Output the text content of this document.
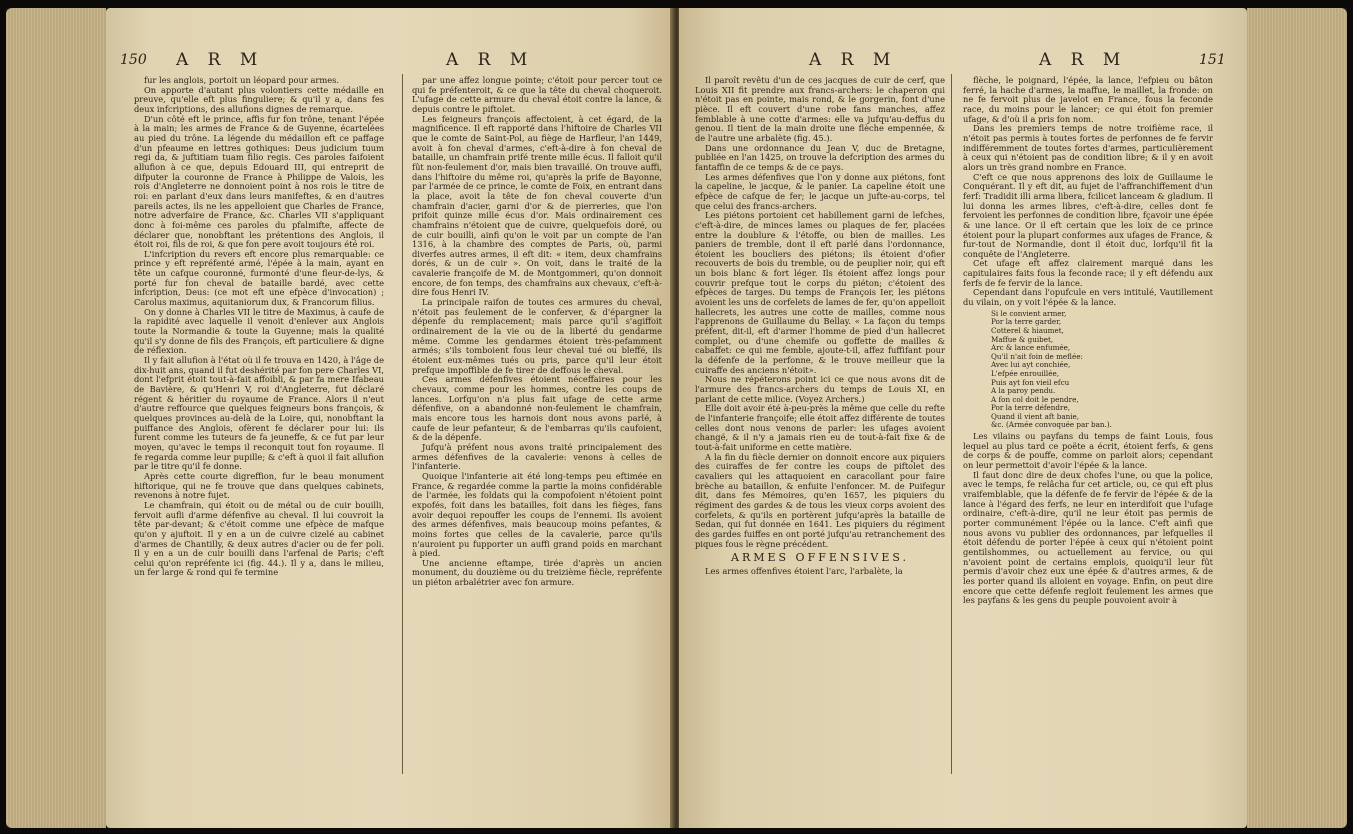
150 A R M	A R M

fur les anglois, portoit un léopard pour armes.

On apporte d'autant plus volontiers cette médaille en preuve, qu'elle eft plus finguliere; & qu'il y a, dans fes deux infcriptions, des allufions dignes de remarque.

D'un côté eft le prince, affis fur fon trône, tenant l'épée à la main; les armes de France & de Guyenne, écartelées au pied du trône. La légende du médaillon eft ce paffage d'un pfeaume en lettres gothiques: Deus judicium tuum regi da, & juftitiam tuam filio regis. Ces paroles faifoient allufion à ce que, depuis Edouard III, qui entreprit de difputer la couronne de France à Philippe de Valois, les rois d'Angleterre ne donnoient point à nos rois le titre de roi: en parlant d'eux dans leurs manifeftes, & en d'autres pareils actes, ils ne les appelloient que Charles de France, notre adverfaire de France, &c. Charles VII s'appliquant donc à foi-même ces paroles du pfalmifte, affecte de déclarer que, nonobftant les prétentions des Anglois, il étoit roi, fils de roi, & que fon pere avoit toujours été roi.

L'infcription du revers eft encore plus remarquable: ce prince y eft repréfenté armé, l'épée à la main, ayant en tête un cafque couronné, furmonté d'une fleur-de-lys, & porté fur fon cheval de bataille bardé, avec cette infcription, Deus: (ce mot eft une efpèce d'invocation) ; Carolus maximus, aquitaniorum dux, & Francorum filius.

On y donne à Charles VII le titre de Maximus, à caufe de la rapidité avec laquelle il venoit d'enlever aux Anglois toute la Normandie & toute la Guyenne; mais la qualité qu'il s'y donne de fils des François, eft particuliere & digne de réflexion.

Il y fait allufion à l'état où il fe trouva en 1420, à l'âge de dix-huit ans, quand il fut deshérité par fon pere Charles VI, dont l'efprit étoit tout-à-fait affoibli, & par fa mere Ifabeau de Bavière, & qu'Henri V, roi d'Angleterre, fut déclaré régent & héritier du royaume de France. Alors il n'eut d'autre reffource que quelques feigneurs bons françois, & quelques provinces au-delà de la Loire, qui, nonobftant la puiffance des Anglois, ofèrent fe déclarer pour lui: ils furent comme les tuteurs de fa jeuneffe, & ce fut par leur moyen, qu'avec le temps il reconquit tout fon royaume. Il fe regarda comme leur pupille; & c'eft à quoi il fait allufion par le titre qu'il fe donne.

Après cette courte digreffion, fur le beau monument hiftorique, qui ne fe trouve que dans quelques cabinets, revenons à notre fujet.

Le chamfrain, qui étoit ou de métal ou de cuir bouilli, fervoit aufli d'arme défenfive au cheval. Il lui couvroit la tête par-devant; & c'étoit comme une efpèce de mafque qu'on y ajuftoit. Il y en a un de cuivre cizelé au cabinet d'armes de Chantilly, & deux autres d'acier ou de fer poli. Il y en a un de cuir bouilli dans l'arfenal de Paris; c'eft celui qu'on repréfente ici (fig. 44.). Il y a, dans le milieu, un fer large & rond qui fe termine

par une affez longue pointe; c'étoit pour percer tout ce qui fe préfenteroit, & ce que la tête du cheval choqueroit. L'ufage de cette armure du cheval étoit contre la lance, & depuis contre le piftolet.

Les feigneurs françois affectoient, à cet égard, de la magnificence. Il eft rapporté dans l'hiftoire de Charles VII que le comte de Saint-Pol, au fiège de Harfleur, l'an 1449, avoit à fon cheval d'armes, c'eft-à-dire à fon cheval de bataille, un chamfrain prifé trente mille écus. Il falloit qu'il fût non-feulement d'or, mais bien travaillé. On trouve auffi, dans l'hiftoire du même roi, qu'après la prife de Bayonne, par l'armée de ce prince, le comte de Foix, en entrant dans la place, avoit la tête de fon cheval couverte d'un chamfrain d'acier, garni d'or & de pierreries, que l'on prifoit quinze mille écus d'or. Mais ordinairement ces chamfrains n'étoient que de cuivre, quelquefois doré, ou de cuir bouilli, ainfi qu'on le voit par un compte de l'an 1316, à la chambre des comptes de Paris, où, parmi diverfes autres armes, il eft dit: « item, deux chamfrains dorés, & un de cuir ». On voit, dans le traité de la cavalerie françoife de M. de Montgommeri, qu'on donnoit encore, de fon temps, des chamfrains aux chevaux, c'eft-à-dire fous Henri IV.

La principale raifon de toutes ces armures du cheval, n'étoit pas feulement de le conferver, & d'épargner la dépenfe du remplacement; mais parce qu'il s'agiffoit ordinairement de la vie ou de la liberté du gendarme même. Comme les gendarmes étoient très-pefamment armés; s'ils tomboient fous leur cheval tué ou bleffé, ils étoient eux-mêmes tués ou pris, parce qu'il leur étoit prefque impoffible de fe tirer de deffous le cheval.

Ces armes défenfives étoient néceffaires pour les chevaux, comme pour les hommes, contre les coups de lances. Lorfqu'on n'a plus fait ufage de cette arme défenfive, on a abandonné non-feulement le chamfrain, mais encore tous les harnois dont nous avons parlé, à caufe de leur pefanteur, & de l'embarras qu'ils caufoient, & de la dépenfe.

Jufqu'à préfent nous avons traité principalement des armes défenfives de la cavalerie: venons à celles de l'infanterie.

Quoique l'infanterie ait été long-temps peu eftimée en France, & regardée comme la partie la moins confidérable de l'armée, les foldats qui la compofoient n'étoient point expofés, foit dans les batailles, foit dans les fièges, fans avoir dequoi repouffer les coups de l'ennemi. Ils avoient des armes défenfives, mais beaucoup moins pefantes, & moins fortes que celles de la cavalerie, parce qu'ils n'auroient pu fupporter un auffi grand poids en marchant à pied.

Une ancienne eftampe, tirée d'après un ancien monument, du douzième ou du treizième fiècle, repréfente un piéton arbalétrier avec fon armure.

A R M	A R M	151

Il paroît revêtu d'un de ces jacques de cuir de cerf, que Louis XII fit prendre aux francs-archers: le chaperon qui n'étoit pas en pointe, mais rond, & le gorgerin, font d'une pièce. Il eft couvert d'une robe fans manches, affez femblable à une cotte d'armes: elle va jufqu'au-deffus du genou. Il tient de la main droite une flèche empennée, & de l'autre une arbalète (fig. 45.).

Dans une ordonnance du Jean V, duc de Bretagne, publiée en l'an 1425, on trouve la defcription des armes du fantaffin de ce temps & de ce pays.

Les armes défenfives que l'on y donne aux piétons, font la capeline, le jacque, & le panier. La capeline étoit une efpèce de cafque de fer; le jacque un jufte-au-corps, tel que celui des francs-archers.

Les piétons portoient cet habillement garni de lefches, c'eft-à-dire, de minces lames ou plaques de fer, placées entre la doublure & l'étoffe, ou bien de mailles. Les paniers de tremble, dont il eft parlé dans l'ordonnance, étoient les boucliers des piétons; ils étoient d'ofier recouverts de bois du tremble, ou de peuplier noir, qui eft un bois blanc & fort léger. Ils étoient affez longs pour couvrir prefque tout le corps du piéton; c'étoient des efpèces de targes. Du temps de François Ier, les piétons avoient les uns de corfelets de lames de fer, qu'on appelloit hallecrets, les autres une cotte de mailles, comme nous l'apprenons de Guillaume du Bellay. « La façon du temps préfent, dit-il, eft d'armer l'homme de pied d'un hallecret complet, ou d'une chemife ou goffette de mailles & cabaffet: ce qui me femble, ajoute-t-il, affez fuffifant pour la défenfe de la perfonne, & le trouve meilleur que la cuiraffe des anciens n'étoit».

Nous ne répéterons point ici ce que nous avons dit de l'armure des francs-archers du temps de Louis XI, en parlant de cette milice. (Voyez Archers.)

Elle doit avoir été à-peu-près la même que celle du refte de l'infanterie françoife; elle étoit affez différente de toutes celles dont nous venons de parler: les ufages avoient changé, & il n'y a jamais rien eu de tout-à-fait fixe & de tout-à-fait uniforme en cette matière.

A la fin du fiècle dernier on donnoit encore aux piquiers des cuiraffes de fer contre les coups de piftolet des cavaliers qui les attaquoient en caracollant pour faire brèche au bataillon, & enfuite l'enfoncer. M. de Puifegur dit, dans fes Mémoires, qu'en 1657, les piquiers du régiment des gardes & de tous les vieux corps avoient des corfelets, & qu'ils en portèrent jufqu'après la bataille de Sedan, qui fut donnée en 1641. Les piquiers du régiment des gardes fuiffes en ont porté jufqu'au retranchement des piques fous le règne précédent.

ARMES OFFENSIVES.

Les armes offenfives étoient l'arc, l'arbalète, la

flèche, le poignard, l'épée, la lance, l'efpieu ou bâton ferré, la hache d'armes, la maffue, le maillet, la fronde: on ne fe fervoit plus de javelot en France, fous la feconde race, du moins pour le lancer; ce qui étoit fon premier ufage, & d'où il a pris fon nom.

Dans les premiers temps de notre troifième race, il n'étoit pas permis à toutes fortes de perfonnes de fe fervir indifféremment de toutes fortes d'armes, particulièrement à ceux qui n'étoient pas de condition libre; & il y en avoit alors un très grand nombre en France.

C'eft ce que nous apprenons des loix de Guillaume le Conquérant. Il y eft dit, au fujet de l'affranchiffement d'un ferf: Tradidit illi arma libera, fcilicet lanceam & gladium. Il lui donna les armes libres, c'eft-à-dire, celles dont fe fervoient les perfonnes de condition libre, fçavoir une épée & une lance. Or il eft certain que les loix de ce prince étoient pour la plupart conformes aux ufages de France, & fur-tout de Normandie, dont il étoit duc, lorfqu'il fit la conquête de l'Angleterre.

Cet ufage eft affez clairement marqué dans les capitulaires faits fous la feconde race; il y eft défendu aux ferfs de fe fervir de la lance.

Cependant dans l'opufcule en vers intitulé, Vautillement du vilain, on y voit l'épée & la lance.

Si le convient armer,
Por la terre garder,
Cotterel & hiaumet,
Maffue & guibet,
Arc & lance enfumée,
Qu'il n'ait foin de meflée:
Avec lui ayt conchiée,
L'efpée enrouillée,
Puis ayt fon vieil efcu
A la paroy pendu.
A fon col doit le pendre,
Por la terre défendre,
Quand il vient aft banie,
&c. (Armée convoquée par ban.).

Les vilains ou payfans du temps de faint Louis, fous lequel au plus tard ce poëte a écrit, étoient ferfs, & gens de corps & de pouffe, comme on parloit alors; cependant on leur permettoit d'avoir l'épée & la lance.

Il faut donc dire de deux chofes l'une, ou que la police, avec le temps, fe relâcha fur cet article, ou, ce qui eft plus vraifemblable, que la défenfe de fe fervir de l'épée & de la lance à l'égard des ferfs, ne leur en interdifoit que l'ufage ordinaire, c'eft-à-dire, qu'il ne leur étoit pas permis de porter communément l'épée ou la lance. C'eft ainfi que nous avons vu publier des ordonnances, par lefquelles il étoit défendu de porter l'épée à ceux qui n'étoient point gentilshommes, ou actuellement au fervice, ou qui n'avoient point de certains emplois, quoiqu'il leur fût permis d'avoir chez eux une épée & d'autres armes, & de les porter quand ils alloient en voyage. Enfin, on peut dire encore que cette défenfe regloit feulement les armes que les payfans & les gens du peuple pouvoient avoir à
